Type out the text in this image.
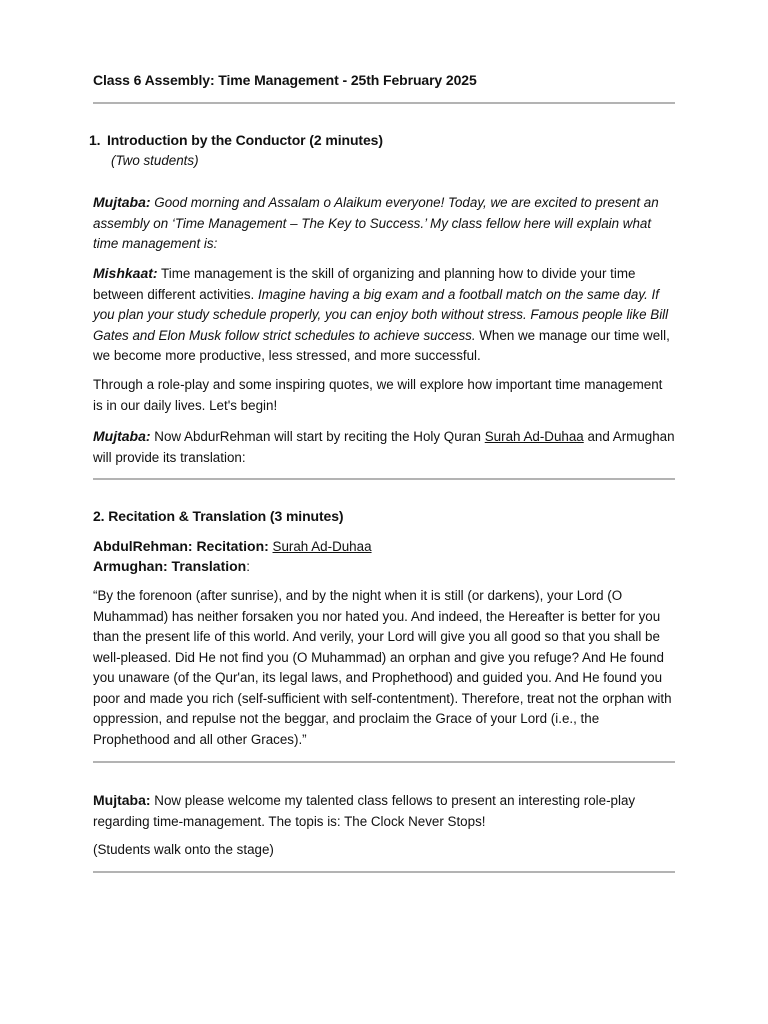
Class 6 Assembly: Time Management - 25th February 2025
1. Introduction by the Conductor (2 minutes)
(Two students)
Mujtaba: Good morning and Assalam o Alaikum everyone! Today, we are excited to present an assembly on ‘Time Management – The Key to Success.’ My class fellow here will explain what time management is:
Mishkaat: Time management is the skill of organizing and planning how to divide your time between different activities. Imagine having a big exam and a football match on the same day. If you plan your study schedule properly, you can enjoy both without stress. Famous people like Bill Gates and Elon Musk follow strict schedules to achieve success. When we manage our time well, we become more productive, less stressed, and more successful.
Through a role-play and some inspiring quotes, we will explore how important time management is in our daily lives. Let's begin!
Mujtaba: Now AbdurRehman will start by reciting the Holy Quran Surah Ad-Duhaa and Armughan will provide its translation:
2. Recitation & Translation (3 minutes)
AbdulRehman: Recitation: Surah Ad-Duhaa
Armughan: Translation:
“By the forenoon (after sunrise), and by the night when it is still (or darkens), your Lord (O Muhammad) has neither forsaken you nor hated you. And indeed, the Hereafter is better for you than the present life of this world. And verily, your Lord will give you all good so that you shall be well-pleased. Did He not find you (O Muhammad) an orphan and give you refuge? And He found you unaware (of the Qur'an, its legal laws, and Prophethood) and guided you. And He found you poor and made you rich (self-sufficient with self-contentment). Therefore, treat not the orphan with oppression, and repulse not the beggar, and proclaim the Grace of your Lord (i.e., the Prophethood and all other Graces).”
Mujtaba: Now please welcome my talented class fellows to present an interesting role-play regarding time-management. The topis is: The Clock Never Stops!
(Students walk onto the stage)
